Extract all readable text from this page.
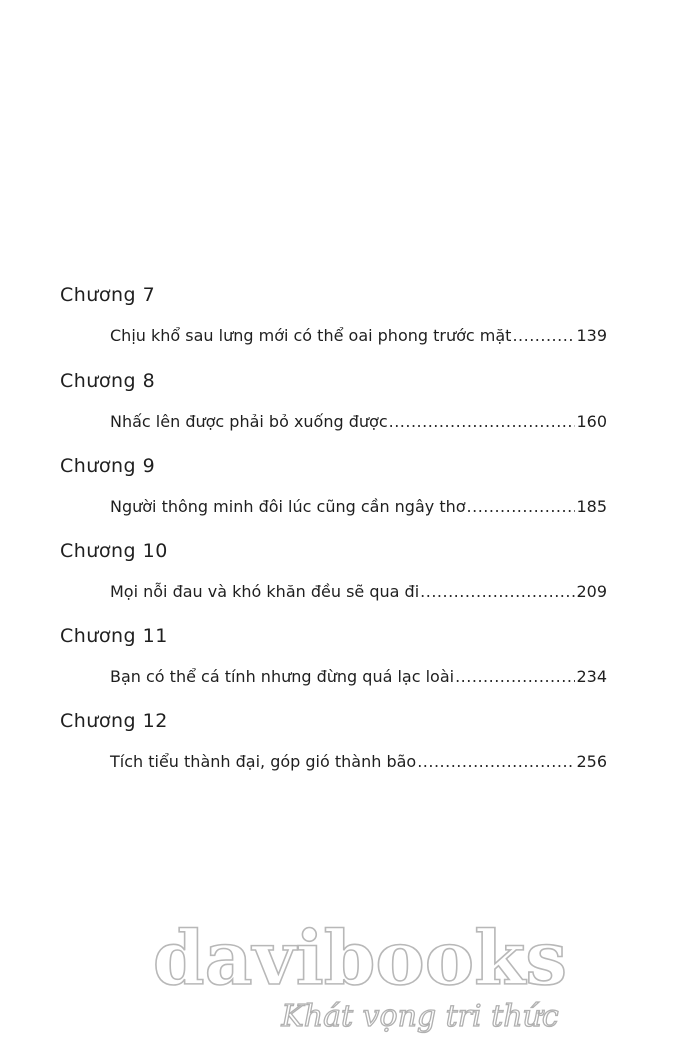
Chương 7
Chịu khổ sau lưng mới có thể oai phong trước mặt .....	139
Chương 8
Nhấc lên được phải bỏ xuống được .....	160
Chương 9
Người thông minh đôi lúc cũng cần ngây thơ .....	185
Chương 10
Mọi nỗi đau và khó khăn đều sẽ qua đi .....	209
Chương 11
Bạn có thể cá tính nhưng đừng quá lạc loài .....	234
Chương 12
Tích tiểu thành đại, góp gió thành bão .....	256
davibooks
Khát vọng tri thức
